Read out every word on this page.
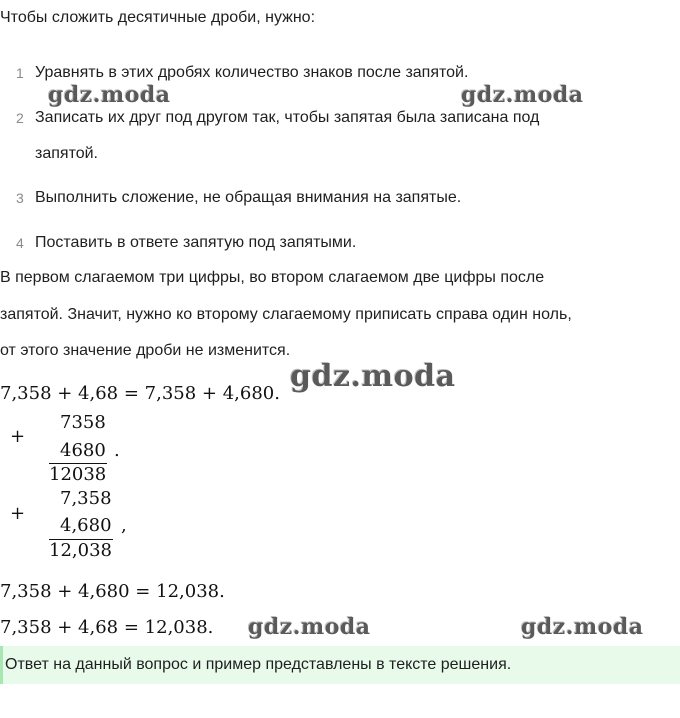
Чтобы сложить десятичные дроби, нужно:
1 Уравнять в этих дробях количество знаков после запятой.
2 Записать их друг под другом так, чтобы запятая была записана под
запятой.
3 Выполнить сложение, не обращая внимания на запятые.
4 Поставить в ответе запятую под запятыми.
В первом слагаемом три цифры, во втором слагаемом две цифры после
запятой. Значит, нужно ко второму слагаемому приписать справа один ноль,
от этого значение дроби не изменится.
7,358 + 4,68 = 7,358 + 4,680.
+
7358
4680 .
12038
+
7,358
4,680 ,
12,038
7,358 + 4,680 = 12,038.
7,358 + 4,68 = 12,038.
gdz.moda	gdz.moda
gdz.moda
gdz.moda	gdz.moda
Ответ на данный вопрос и пример представлены в тексте решения.
